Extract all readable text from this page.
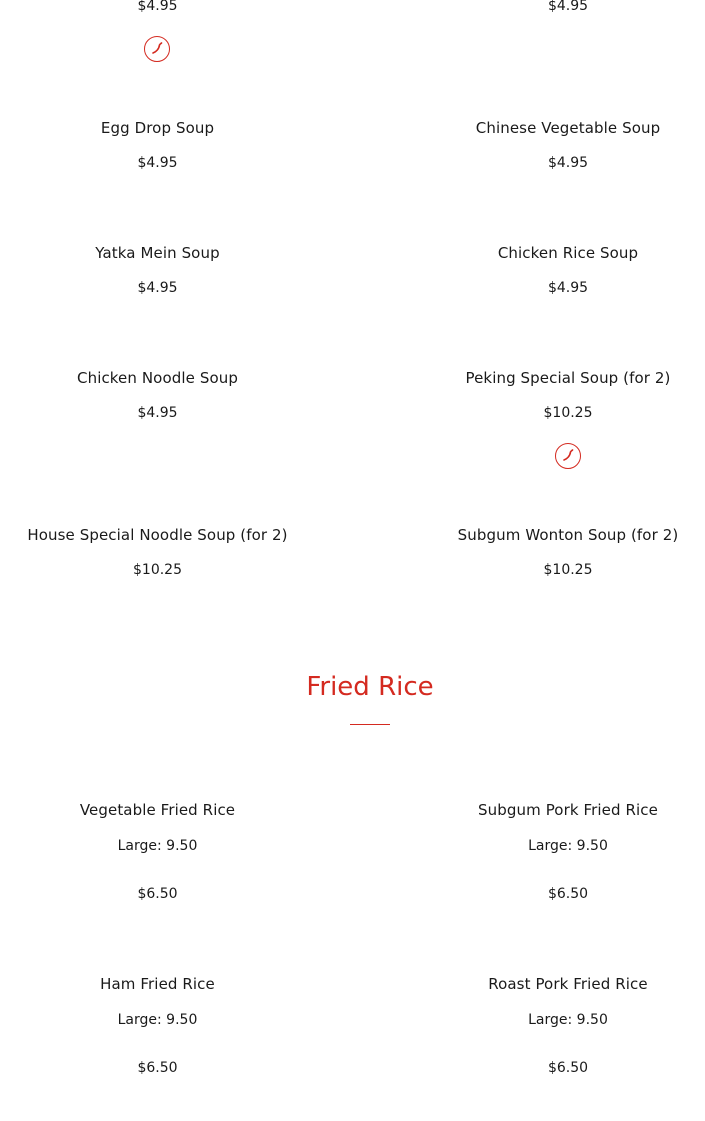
$4.95	$4.95
Egg Drop Soup
$4.95
Chinese Vegetable Soup
$4.95
Yatka Mein Soup
$4.95
Chicken Rice Soup
$4.95
Chicken Noodle Soup
$4.95
Peking Special Soup (for 2)
$10.25
House Special Noodle Soup (for 2)
$10.25
Subgum Wonton Soup (for 2)
$10.25
Fried Rice
Vegetable Fried Rice
Large: 9.50
$6.50
Subgum Pork Fried Rice
Large: 9.50
$6.50
Ham Fried Rice
Large: 9.50
$6.50
Roast Pork Fried Rice
Large: 9.50
$6.50
